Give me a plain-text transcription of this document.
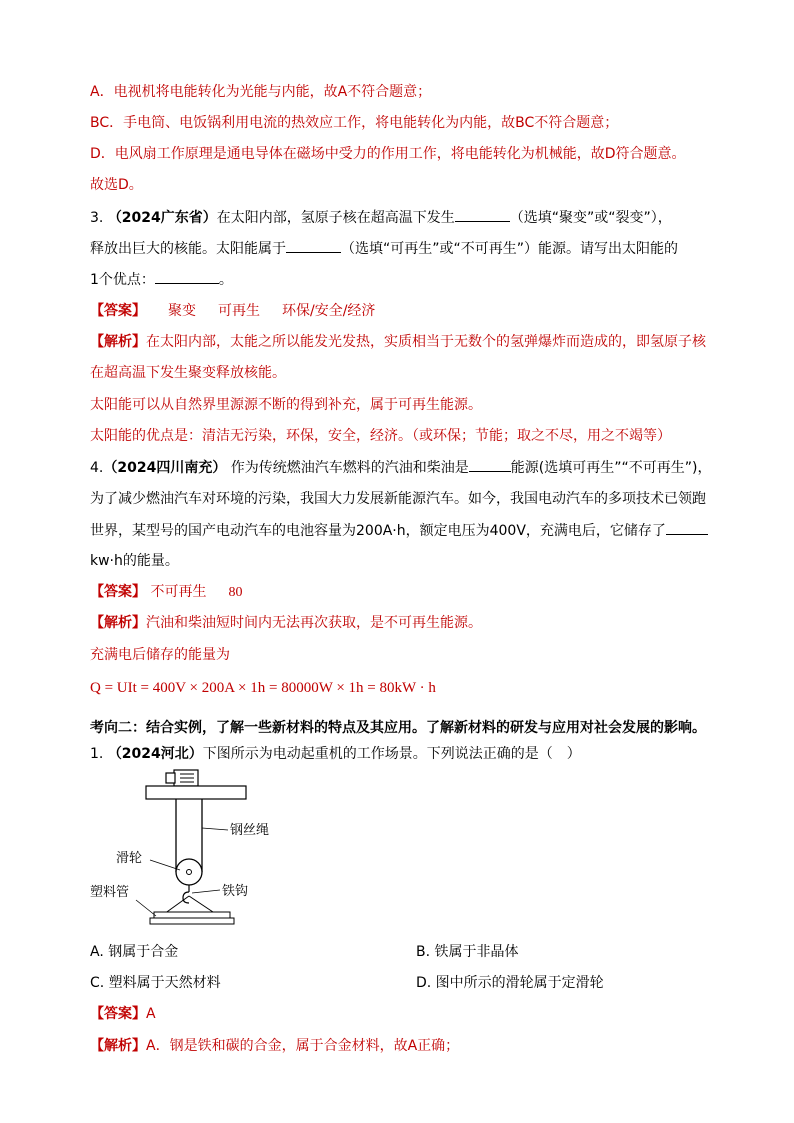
A．电视机将电能转化为光能与内能，故A不符合题意；
BC．手电筒、电饭锅利用电流的热效应工作，将电能转化为内能，故BC不符合题意；
D．电风扇工作原理是通电导体在磁场中受力的作用工作，将电能转化为机械能，故D符合题意。
故选D。
3. （2024广东省）在太阳内部，氢原子核在超高温下发生	（选填“聚变”或“裂变”），
释放出巨大的核能。太阳能属于	（选填“可再生”或“不可再生”）能源。请写出太阳能的
1个优点：	。
【答案】 聚变 可再生 环保/安全/经济
【解析】在太阳内部，太能之所以能发光发热，实质相当于无数个的氢弹爆炸而造成的，即氢原子核
在超高温下发生聚变释放核能。
太阳能可以从自然界里源源不断的得到补充，属于可再生能源。
太阳能的优点是：清洁无污染，环保，安全，经济。（或环保；节能；取之不尽，用之不竭等）
4.（2024四川南充） 作为传统燃油汽车燃料的汽油和柴油是	能源(选填可再生”“不可再生”)，
为了减少燃油汽车对环境的污染，我国大力发展新能源汽车。如今，我国电动汽车的多项技术已领跑
世界，某型号的国产电动汽车的电池容量为200A·h，额定电压为400V，充满电后，它储存了
kw·h的能量。
【答案】 不可再生 80
【解析】汽油和柴油短时间内无法再次获取，是不可再生能源。
充满电后储存的能量为
Q = UIt = 400V × 200A × 1h = 80000W × 1h = 80kW · h
考向二：结合实例，了解一些新材料的特点及其应用。了解新材料的研发与应用对社会发展的影响。
1. （2024河北）下图所示为电动起重机的工作场景。下列说法正确的是（　）
钢丝绳
滑轮
铁钩
塑料管
A. 钢属于合金	B. 铁属于非晶体
C. 塑料属于天然材料	D. 图中所示的滑轮属于定滑轮
【答案】A
【解析】A．钢是铁和碳的合金，属于合金材料，故A正确；
